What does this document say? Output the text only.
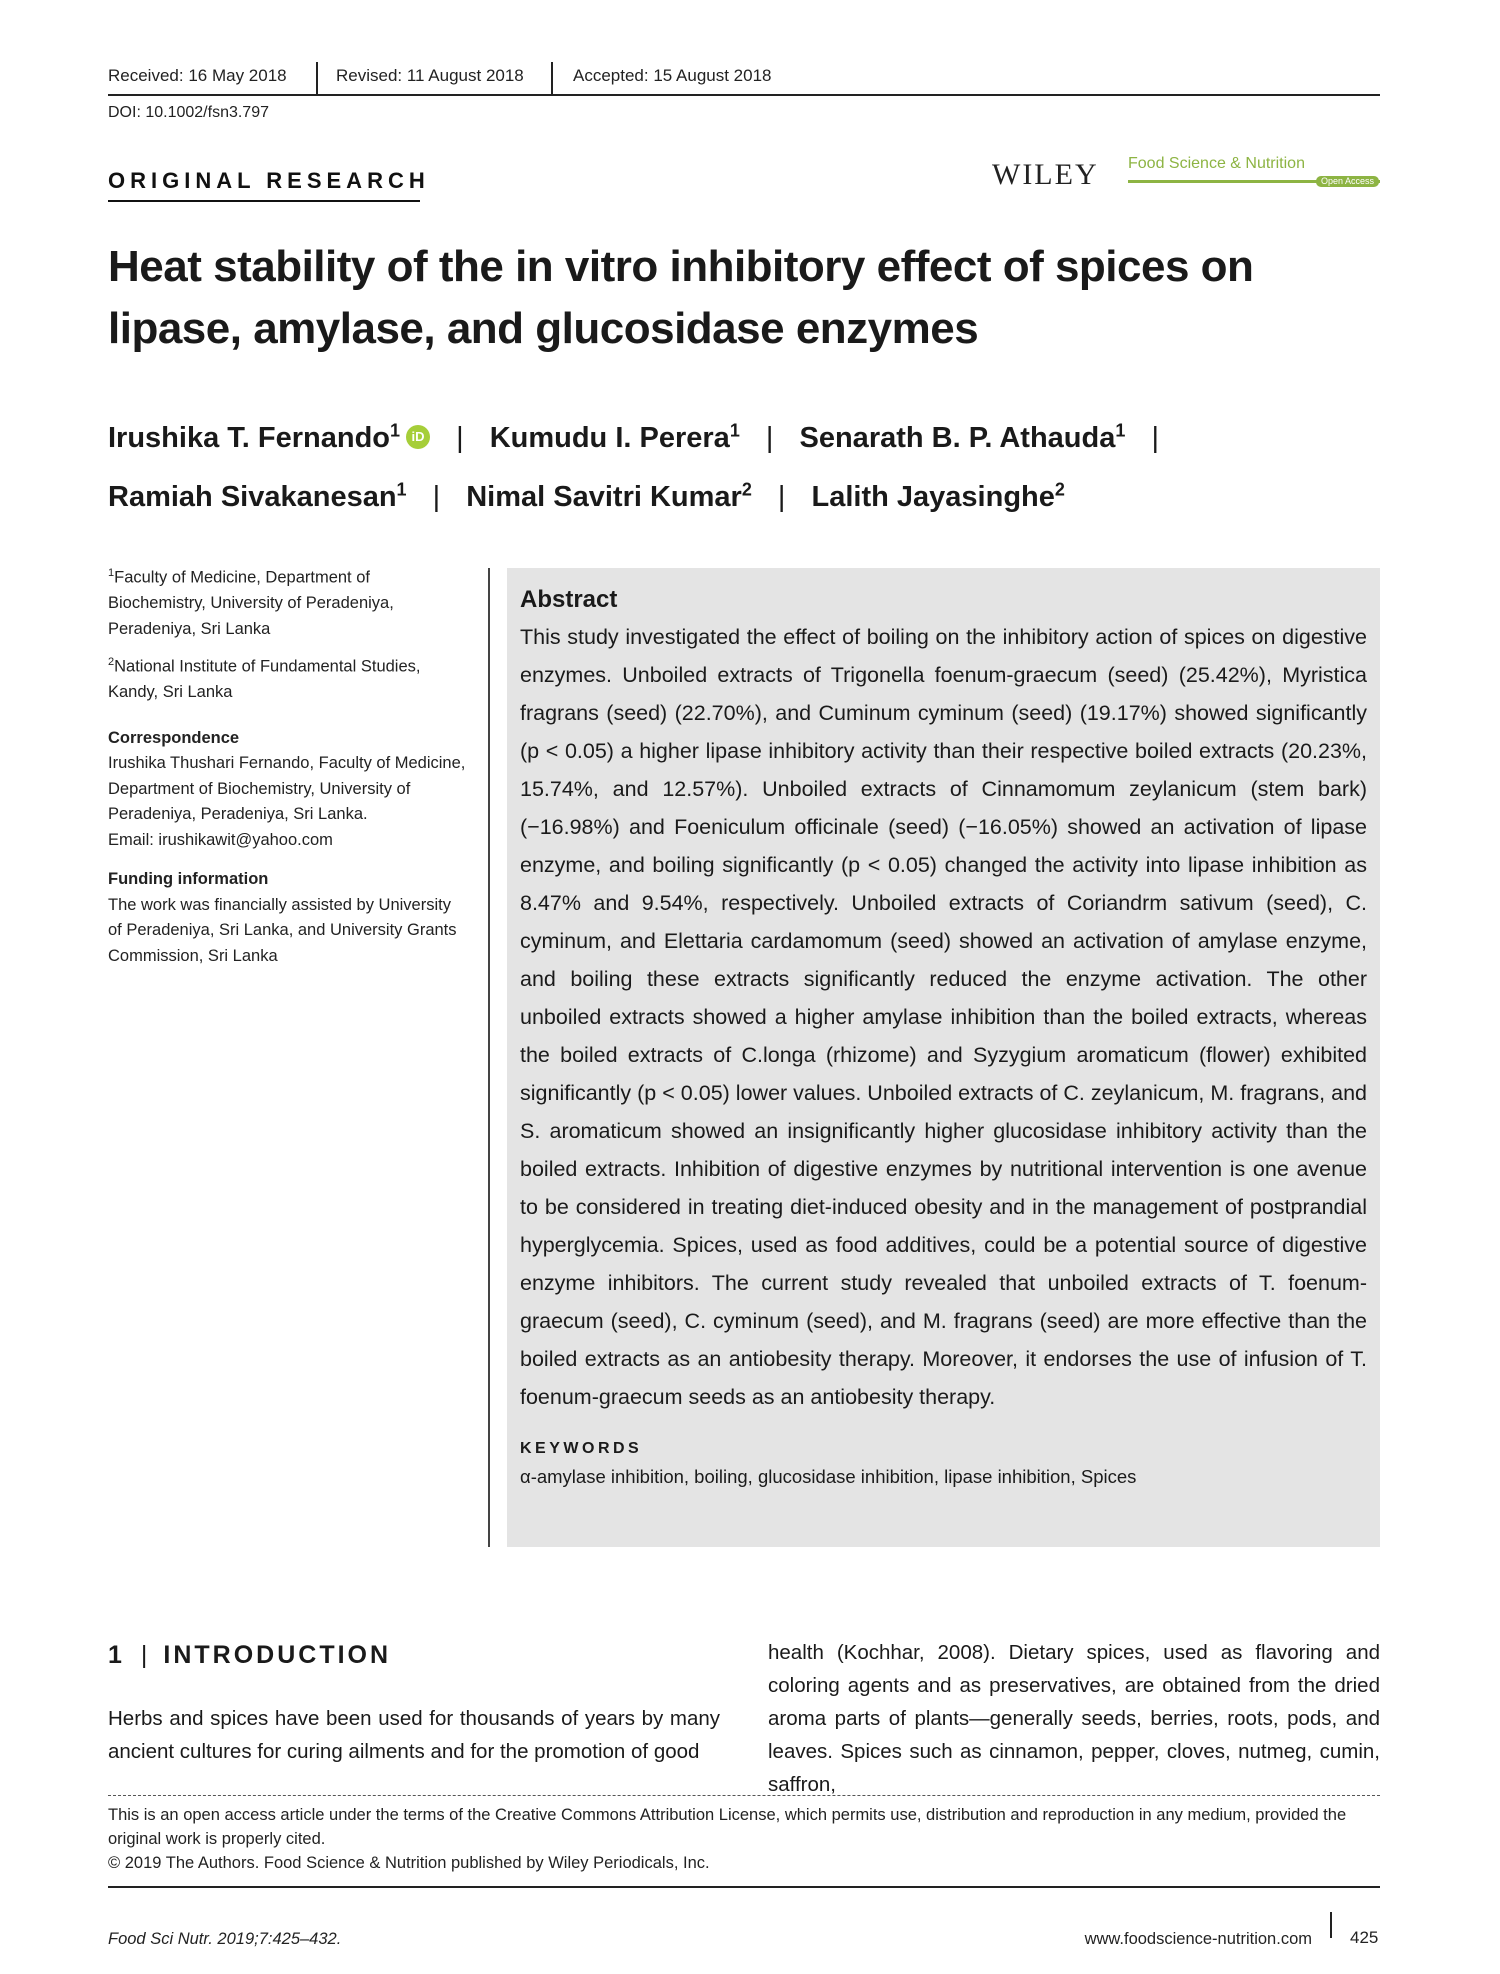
Received: 16 May 2018	Revised: 11 August 2018	Accepted: 15 August 2018
DOI: 10.1002/fsn3.797
ORIGINAL RESEARCH	WILEY Food Science & Nutrition
Open Access
Heat stability of the in vitro inhibitory effect of spices on lipase, amylase, and glucosidase enzymes
Irushika T. Fernando$^1$ iD | Kumudu I. Perera$^1$ | Senarath B. P. Athauda$^1$ |
Ramiah Sivakanesan$^1$ | Nimal Savitri Kumar$^2$ | Lalith Jayasinghe$^2$

$^1$Faculty of Medicine, Department of Biochemistry, University of Peradeniya, Peradeniya, Sri Lanka

$^2$National Institute of Fundamental Studies, Kandy, Sri Lanka

Correspondence
Irushika Thushari Fernando, Faculty of Medicine, Department of Biochemistry, University of Peradeniya, Peradeniya, Sri Lanka.
Email: irushikawit@yahoo.com
Funding information
The work was financially assisted by University of Peradeniya, Sri Lanka, and University Grants Commission, Sri Lanka
Abstract
This study investigated the effect of boiling on the inhibitory action of spices on digestive enzymes. Unboiled extracts of Trigonella foenum-graecum (seed) (25.42%), Myristica fragrans (seed) (22.70%), and Cuminum cyminum (seed) (19.17%) showed significantly (p < 0.05) a higher lipase inhibitory activity than their respective boiled extracts (20.23%, 15.74%, and 12.57%). Unboiled extracts of Cinnamomum zeylanicum (stem bark) (−16.98%) and Foeniculum officinale (seed) (−16.05%) showed an activation of lipase enzyme, and boiling significantly (p < 0.05) changed the activity into lipase inhibition as 8.47% and 9.54%, respectively. Unboiled extracts of Coriandrm sativum (seed), C. cyminum, and Elettaria cardamomum (seed) showed an activation of amylase enzyme, and boiling these extracts significantly reduced the enzyme activation. The other unboiled extracts showed a higher amylase inhibition than the boiled extracts, whereas the boiled extracts of C.longa (rhizome) and Syzygium aromaticum (flower) exhibited significantly (p < 0.05) lower values. Unboiled extracts of C. zeylanicum, M. fragrans, and S. aromaticum showed an insignificantly higher glucosidase inhibitory activity than the boiled extracts. Inhibition of digestive enzymes by nutritional intervention is one avenue to be considered in treating diet-induced obesity and in the management of postprandial hyperglycemia. Spices, used as food additives, could be a potential source of digestive enzyme inhibitors. The current study revealed that unboiled extracts of T. foenum-graecum (seed), C. cyminum (seed), and M. fragrans (seed) are more effective than the boiled extracts as an antiobesity therapy. Moreover, it endorses the use of infusion of T. foenum-graecum seeds as an antiobesity therapy.
KEYWORDS
α-amylase inhibition, boiling, glucosidase inhibition, lipase inhibition, Spices
1 | INTRODUCTION
Herbs and spices have been used for thousands of years by many ancient cultures for curing ailments and for the promotion of good
health (Kochhar, 2008). Dietary spices, used as flavoring and coloring agents and as preservatives, are obtained from the dried aroma parts of plants—generally seeds, berries, roots, pods, and leaves. Spices such as cinnamon, pepper, cloves, nutmeg, cumin, saffron,
This is an open access article under the terms of the Creative Commons Attribution License, which permits use, distribution and reproduction in any medium, provided the original work is properly cited.
© 2019 The Authors. Food Science & Nutrition published by Wiley Periodicals, Inc.
Food Sci Nutr. 2019;7:425–432.	www.foodscience-nutrition.com 425
